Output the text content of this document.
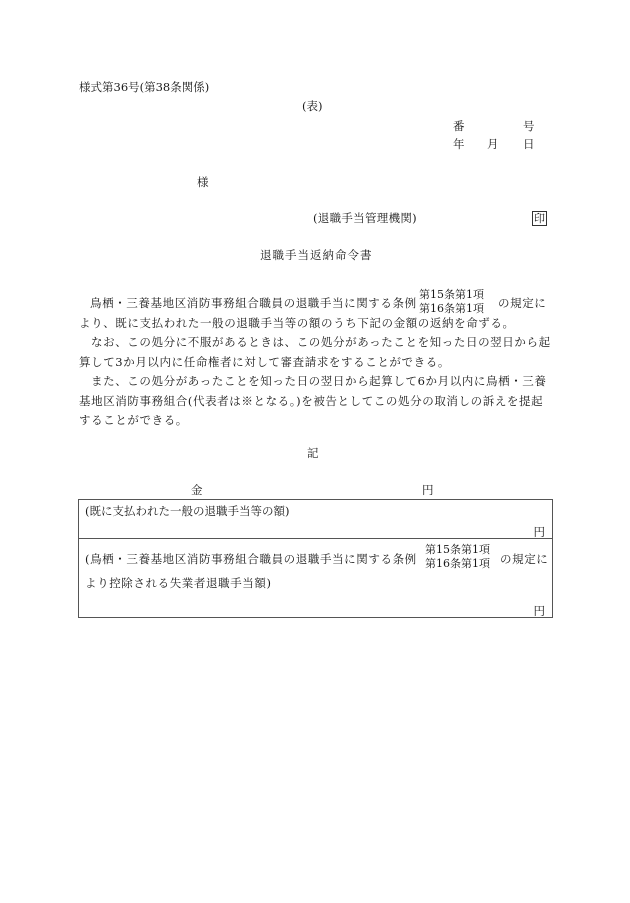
様式第36号(第38条関係)
(表)
番	号
年 月 日
様
(退職手当管理機関)	印
退職手当返納命令書
鳥栖・三養基地区消防事務組合職員の退職手当に関する条例
第15条第1項
第16条第1項 の規定に
より、既に支払われた一般の退職手当等の額のうち下記の金額の返納を命ずる。
なお、この処分に不服があるときは、この処分があったことを知った日の翌日から起算して3か月以内に任命権者に対して審査請求をすることができる。
また、この処分があったことを知った日の翌日から起算して6か月以内に鳥栖・三養基地区消防事務組合(代表者は※となる。)を被告としてこの処分の取消しの訴えを提起することができる。
記
金	円
(既に支払われた一般の退職手当等の額)
円
(鳥栖・三養基地区消防事務組合職員の退職手当に関する条例
第15条第1項
第16条第1項 の規定に
より控除される失業者退職手当額)
円
